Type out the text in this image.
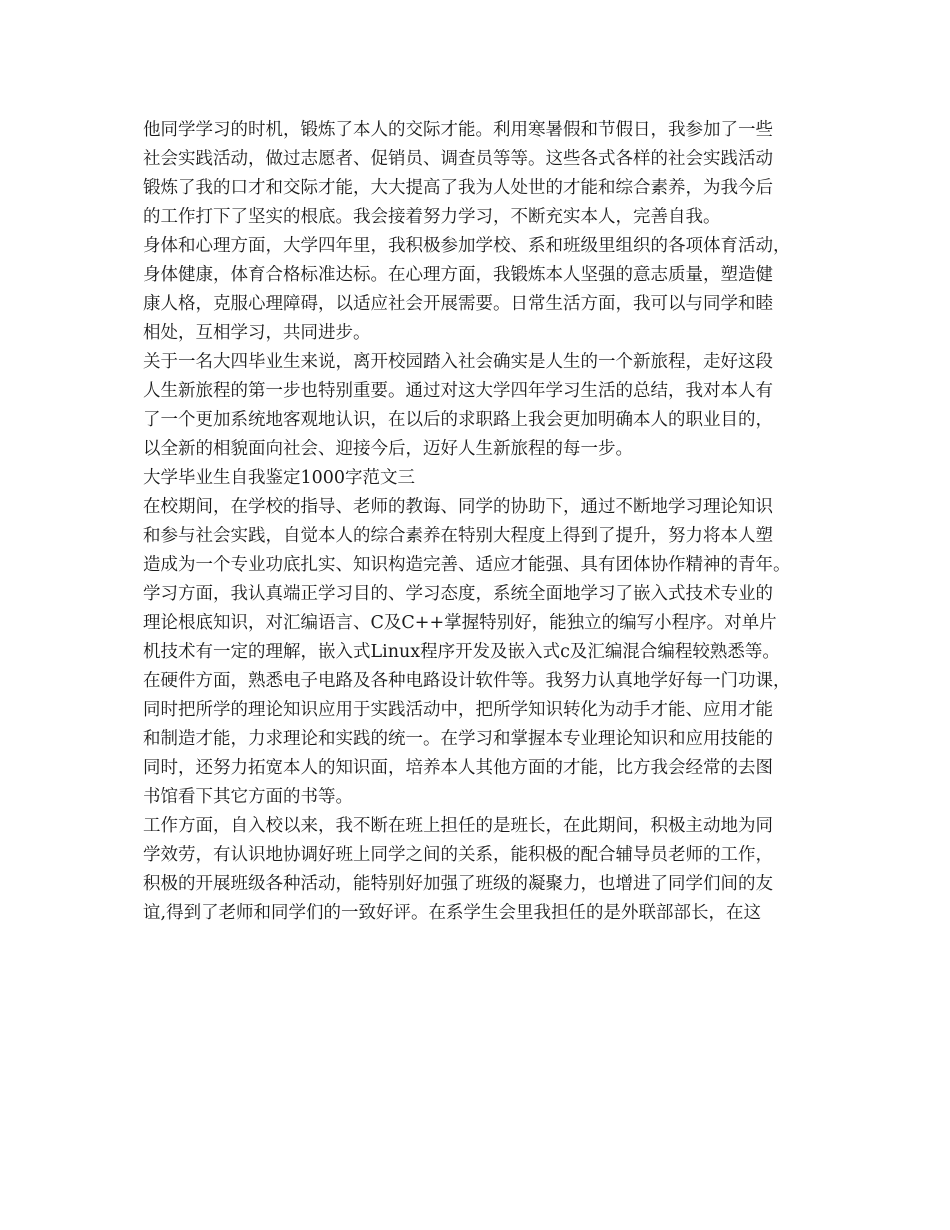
他同学学习的时机，锻炼了本人的交际才能。利用寒暑假和节假日，我参加了一些
社会实践活动，做过志愿者、促销员、调查员等等。这些各式各样的社会实践活动
锻炼了我的口才和交际才能，大大提高了我为人处世的才能和综合素养，为我今后
的工作打下了坚实的根底。我会接着努力学习，不断充实本人，完善自我。
身体和心理方面，大学四年里，我积极参加学校、系和班级里组织的各项体育活动，
身体健康，体育合格标准达标。在心理方面，我锻炼本人坚强的意志质量，塑造健
康人格，克服心理障碍，以适应社会开展需要。日常生活方面，我可以与同学和睦
相处，互相学习，共同进步。
关于一名大四毕业生来说，离开校园踏入社会确实是人生的一个新旅程，走好这段
人生新旅程的第一步也特别重要。通过对这大学四年学习生活的总结，我对本人有
了一个更加系统地客观地认识，在以后的求职路上我会更加明确本人的职业目的，
以全新的相貌面向社会、迎接今后，迈好人生新旅程的每一步。
大学毕业生自我鉴定1000字范文三
在校期间，在学校的指导、老师的教诲、同学的协助下，通过不断地学习理论知识
和参与社会实践，自觉本人的综合素养在特别大程度上得到了提升，努力将本人塑
造成为一个专业功底扎实、知识构造完善、适应才能强、具有团体协作精神的青年。
学习方面，我认真端正学习目的、学习态度，系统全面地学习了嵌入式技术专业的
理论根底知识，对汇编语言、C及C++掌握特别好，能独立的编写小程序。对单片
机技术有一定的理解，嵌入式Linux程序开发及嵌入式c及汇编混合编程较熟悉等。
在硬件方面，熟悉电子电路及各种电路设计软件等。我努力认真地学好每一门功课，
同时把所学的理论知识应用于实践活动中，把所学知识转化为动手才能、应用才能
和制造才能，力求理论和实践的统一。在学习和掌握本专业理论知识和应用技能的
同时，还努力拓宽本人的知识面，培养本人其他方面的才能，比方我会经常的去图
书馆看下其它方面的书等。
工作方面，自入校以来，我不断在班上担任的是班长，在此期间，积极主动地为同
学效劳，有认识地协调好班上同学之间的关系，能积极的配合辅导员老师的工作，
积极的开展班级各种活动，能特别好加强了班级的凝聚力，也增进了同学们间的友
谊,得到了老师和同学们的一致好评。在系学生会里我担任的是外联部部长，在这
